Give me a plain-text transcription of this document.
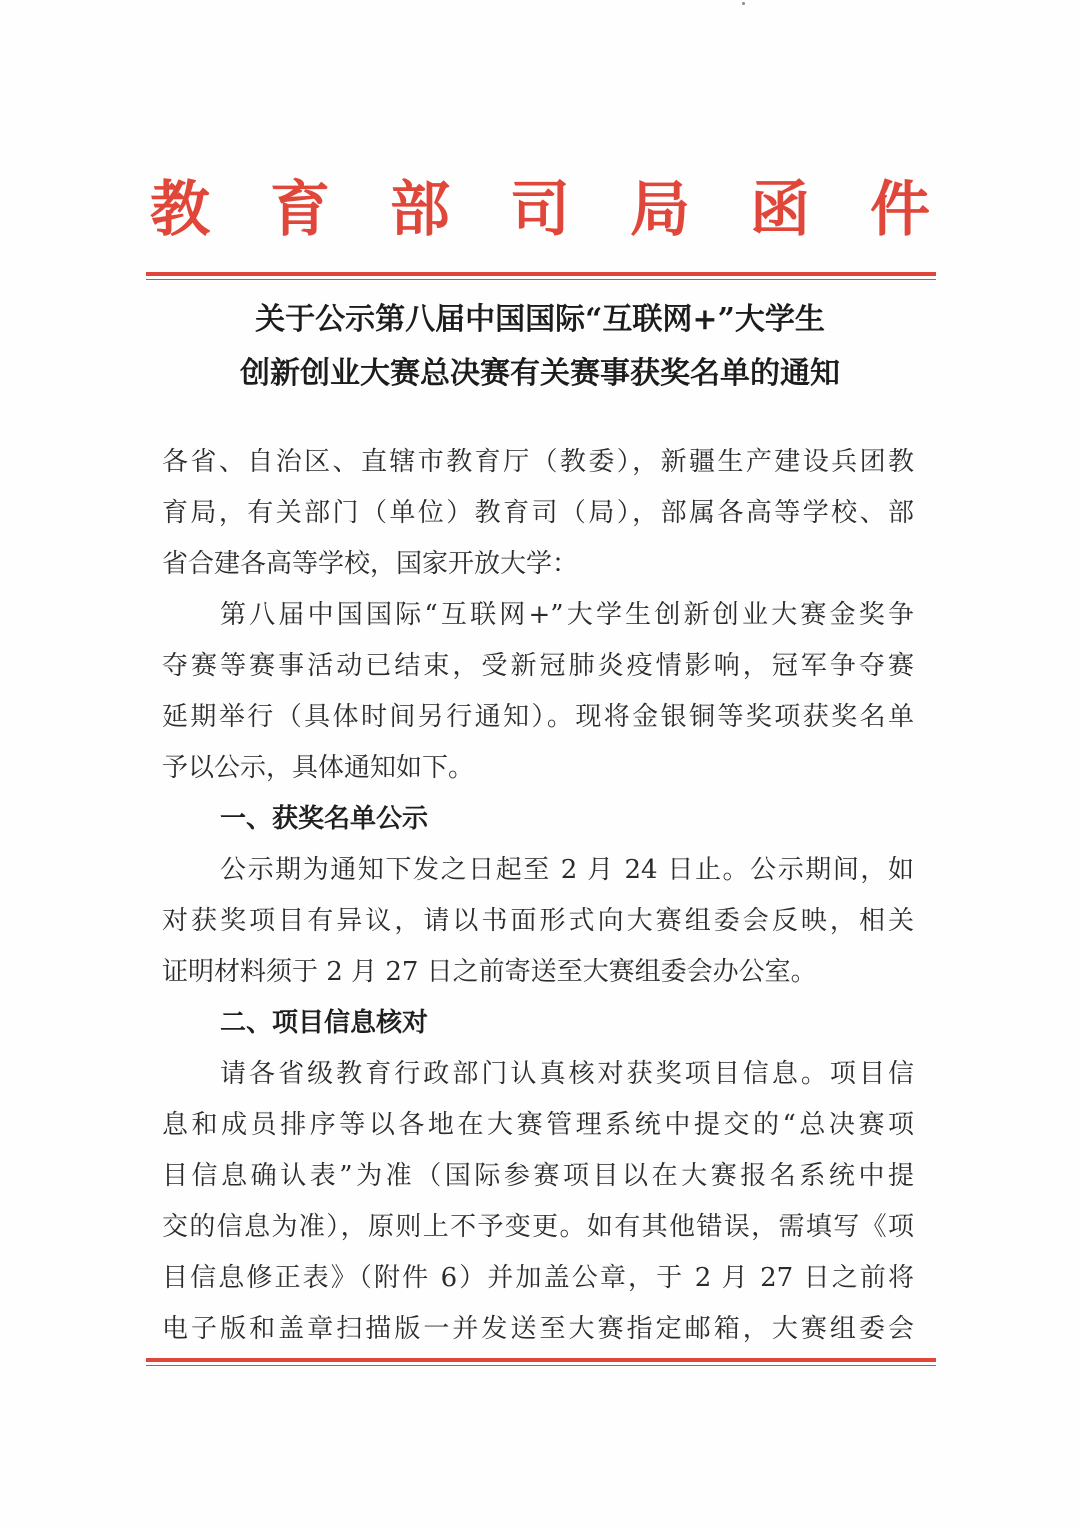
教 育 部 司 局 函 件
关于公示第八届中国国际“互联网+”大学生
创新创业大赛总决赛有关赛事获奖名单的通知
各省、自治区、直辖市教育厅（教委），新疆生产建设兵团教
育局，有关部门（单位）教育司（局），部属各高等学校、部
省合建各高等学校，国家开放大学：
第八届中国国际“互联网+”大学生创新创业大赛金奖争
夺赛等赛事活动已结束，受新冠肺炎疫情影响，冠军争夺赛
延期举行（具体时间另行通知）。现将金银铜等奖项获奖名单
予以公示，具体通知如下。
一、获奖名单公示
公示期为通知下发之日起至 2 月 24 日止。公示期间，如
对获奖项目有异议，请以书面形式向大赛组委会反映，相关
证明材料须于 2 月 27 日之前寄送至大赛组委会办公室。
二、项目信息核对
请各省级教育行政部门认真核对获奖项目信息。项目信
息和成员排序等以各地在大赛管理系统中提交的“总决赛项
目信息确认表”为准（国际参赛项目以在大赛报名系统中提
交的信息为准），原则上不予变更。如有其他错误，需填写《项
目信息修正表》（附件 6）并加盖公章，于 2 月 27 日之前将
电子版和盖章扫描版一并发送至大赛指定邮箱，大赛组委会
